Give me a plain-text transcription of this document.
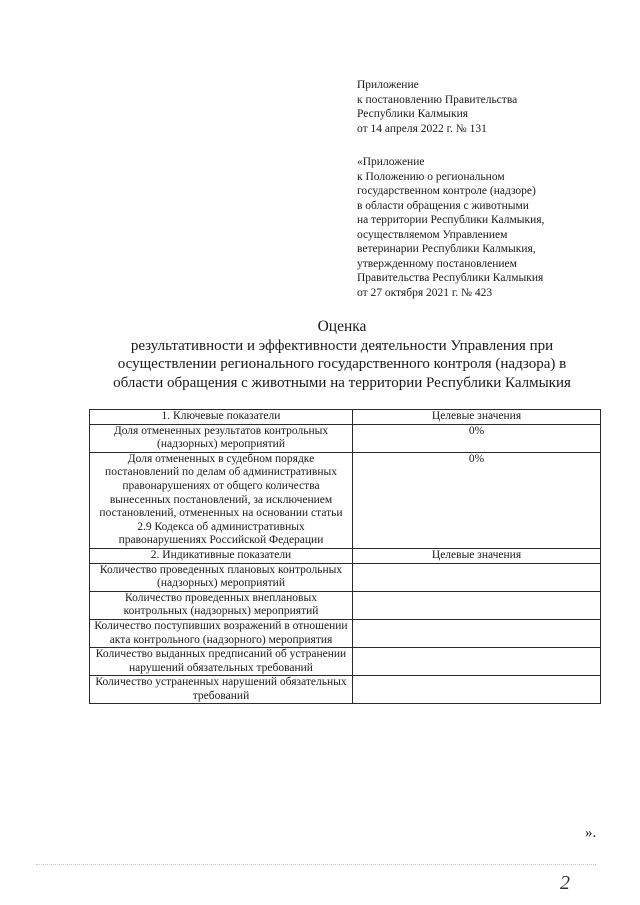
Приложение
к постановлению Правительства
Республики Калмыкия
от 14 апреля 2022 г. № 131
«Приложение
к Положению о региональном
государственном контроле (надзоре)
в области обращения с животными
на территории Республики Калмыкия,
осуществляемом Управлением
ветеринарии Республики Калмыкия,
утвержденному постановлением
Правительства Республики Калмыкия
от 27 октября 2021 г. № 423
Оценка
результативности и эффективности деятельности Управления при
осуществлении регионального государственного контроля (надзора) в
области обращения с животными на территории Республики Калмыкия
1. Ключевые показатели	Целевые значения
Доля отмененных результатов контрольных (надзорных) мероприятий	0%
Доля отмененных в судебном порядке постановлений по делам об административных правонарушениях от общего количества вынесенных постановлений, за исключением постановлений, отмененных на основании статьи 2.9 Кодекса об административных правонарушениях Российской Федерации	0%
2. Индикативные показатели	Целевые значения
Количество проведенных плановых контрольных (надзорных) мероприятий	
Количество проведенных внеплановых контрольных (надзорных) мероприятий	
Количество поступивших возражений в отношении акта контрольного (надзорного) мероприятия	
Количество выданных предписаний об устранении нарушений обязательных требований	
Количество устраненных нарушений обязательных требований	
».
2
